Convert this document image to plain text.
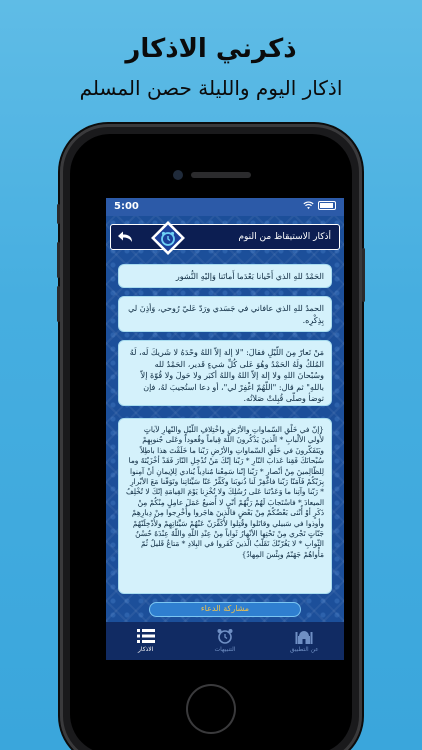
ذكرني الاذكار
اذكار اليوم والليلة حصن المسلم
5:00
أذكار الاستيقاظ من النوم
الحَمْدُ للهِ الذي أَحْيانا بَعْدَما أَماتَنا وَإليْهِ النُّشور
الحمدُ للهِ الذي عافاني في جَسَدي ورَدّ عَليّ رُوحي، وَأذِنَ لي بِذِكْرِه.
مَنْ تَعارّ مِنَ اللّيْلِ فقالَ: "لا إلهَ إلاّ اللهُ وحْدَهُ لا شَريكَ لَه، لَهُ المُلكُ ولَهُ الحَمْدُ وهُوَ عَلى كُلِّ شيءٍ قَدير، الحَمْدُ لله وسُبْحانَ اللهِ ولا إلهَ إلاّ اللهُ واللهُ أكبَر ولا حَولَ ولا قُوّةَ إلاّ باللهِ" ثم قال: "اللّهُمّ اغْفِرْ لي"، أو دعا استُجيبَ لهُ، فإن توضأ وصلّى قُبِلتْ صَلاتُه.
{إنّ في خَلْقِ السّماواتِ والأرْضِ واخْتِلافِ اللّيْلِ والنّهارِ لآياتٍ لأُولي الألْبابِ * الّذينَ يَذْكُرونَ اللّهَ قِياماً وقُعوداً وعَلى جُنوبِهِمْ ويَتَفَكّرونَ في خَلْقِ السّماواتِ والأرْضِ رَبّنا ما خَلَقْتَ هذا باطِلاً سُبْحانَكَ فَقِنا عَذابَ النّارِ * رَبّنا إنّكَ مَنْ تُدْخِلِ النّارَ فَقَدْ أخْزَيْتَهُ وما لِلظّالِمينَ مِنْ أنْصارٍ * رَبّنا إنّنا سَمِعْنا مُنادِياً يُنادي لِلإيمانِ أنْ آمِنوا بِرَبّكُمْ فَآمَنّا رَبّنا فاغْفِرْ لَنا ذُنوبَنا وكَفِّرْ عَنّا سَيِّئاتِنا وتَوَفّنا مَعَ الأبْرارِ * رَبّنا وآتِنا ما وَعَدْتَنا عَلى رُسُلِكَ ولا تُخْزِنا يَوْمَ القِيامَةِ إنّكَ لا تُخْلِفُ الميعادَ * فاسْتَجابَ لَهُمْ رَبُّهُمْ أنّي لا أُضيعُ عَمَلَ عامِلٍ مِنْكُمْ مِنْ ذَكَرٍ أوْ أُنْثى بَعْضُكُمْ مِنْ بَعْضٍ فالّذينَ هاجَروا وأُخْرِجوا مِنْ دِيارِهِمْ وأوذوا في سَبيلي وقاتَلوا وقُتِلوا لأُكَفِّرَنّ عَنْهُمْ سَيِّئاتِهِمْ ولأُدْخِلَنّهُمْ جَنّاتٍ تَجْري مِنْ تَحْتِها الأنْهارُ ثَواباً مِنْ عِنْدِ اللّهِ واللّهُ عِنْدَهُ حُسْنُ الثّوابِ * لا يَغُرّنّكَ تَقَلّبُ الّذينَ كَفَروا في البِلادِ * مَتاعٌ قَليلٌ ثُمّ مَأْواهُمْ جَهَنّمُ وبِئْسَ المِهادُ}
مشاركة الدعاء
الاذكار	التنبيهات	عن التطبيق
